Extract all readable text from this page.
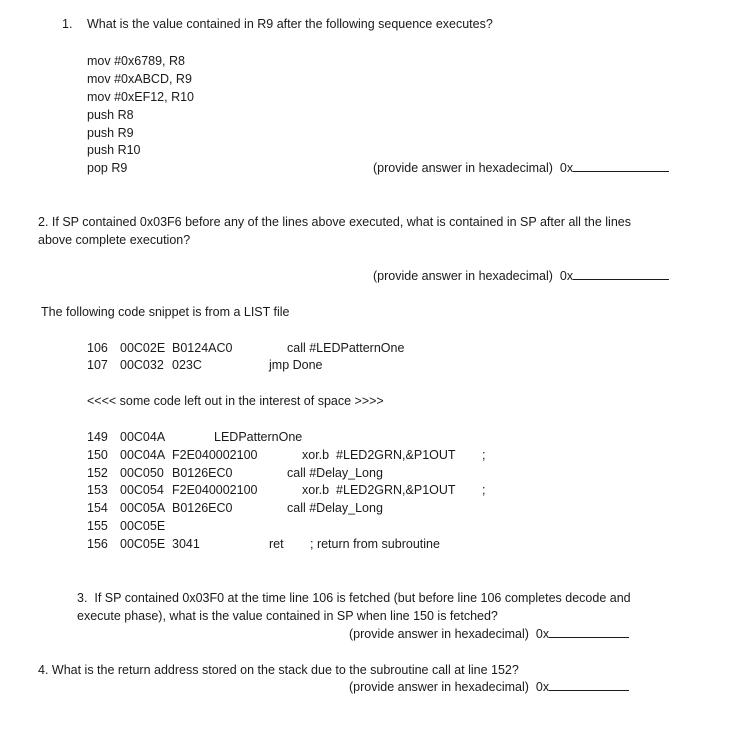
1. What is the value contained in R9 after the following sequence executes?
mov #0x6789, R8
mov #0xABCD, R9
mov #0xEF12, R10
push R8
push R9
push R10
pop R9	(provide answer in hexadecimal)  0x
2. If SP contained 0x03F6 before any of the lines above executed, what is contained in SP after all the lines
above complete execution?
(provide answer in hexadecimal)  0x
The following code snippet is from a LIST file
106 00C02E B0124AC0	call #LEDPatternOne
107 00C032 023C	jmp Done
<<<< some code left out in the interest of space >>>>
149 00C04A	LEDPatternOne
150 00C04A F2E040002100	xor.b  #LED2GRN,&P1OUT ;
152 00C050 B0126EC0	call #Delay_Long
153 00C054 F2E040002100	xor.b  #LED2GRN,&P1OUT ;
154 00C05A B0126EC0	call #Delay_Long
155 00C05E
156 00C05E 3041	ret ; return from subroutine
3.  If SP contained 0x03F0 at the time line 106 is fetched (but before line 106 completes decode and
execute phase), what is the value contained in SP when line 150 is fetched?
(provide answer in hexadecimal)  0x
4. What is the return address stored on the stack due to the subroutine call at line 152?
(provide answer in hexadecimal)  0x
